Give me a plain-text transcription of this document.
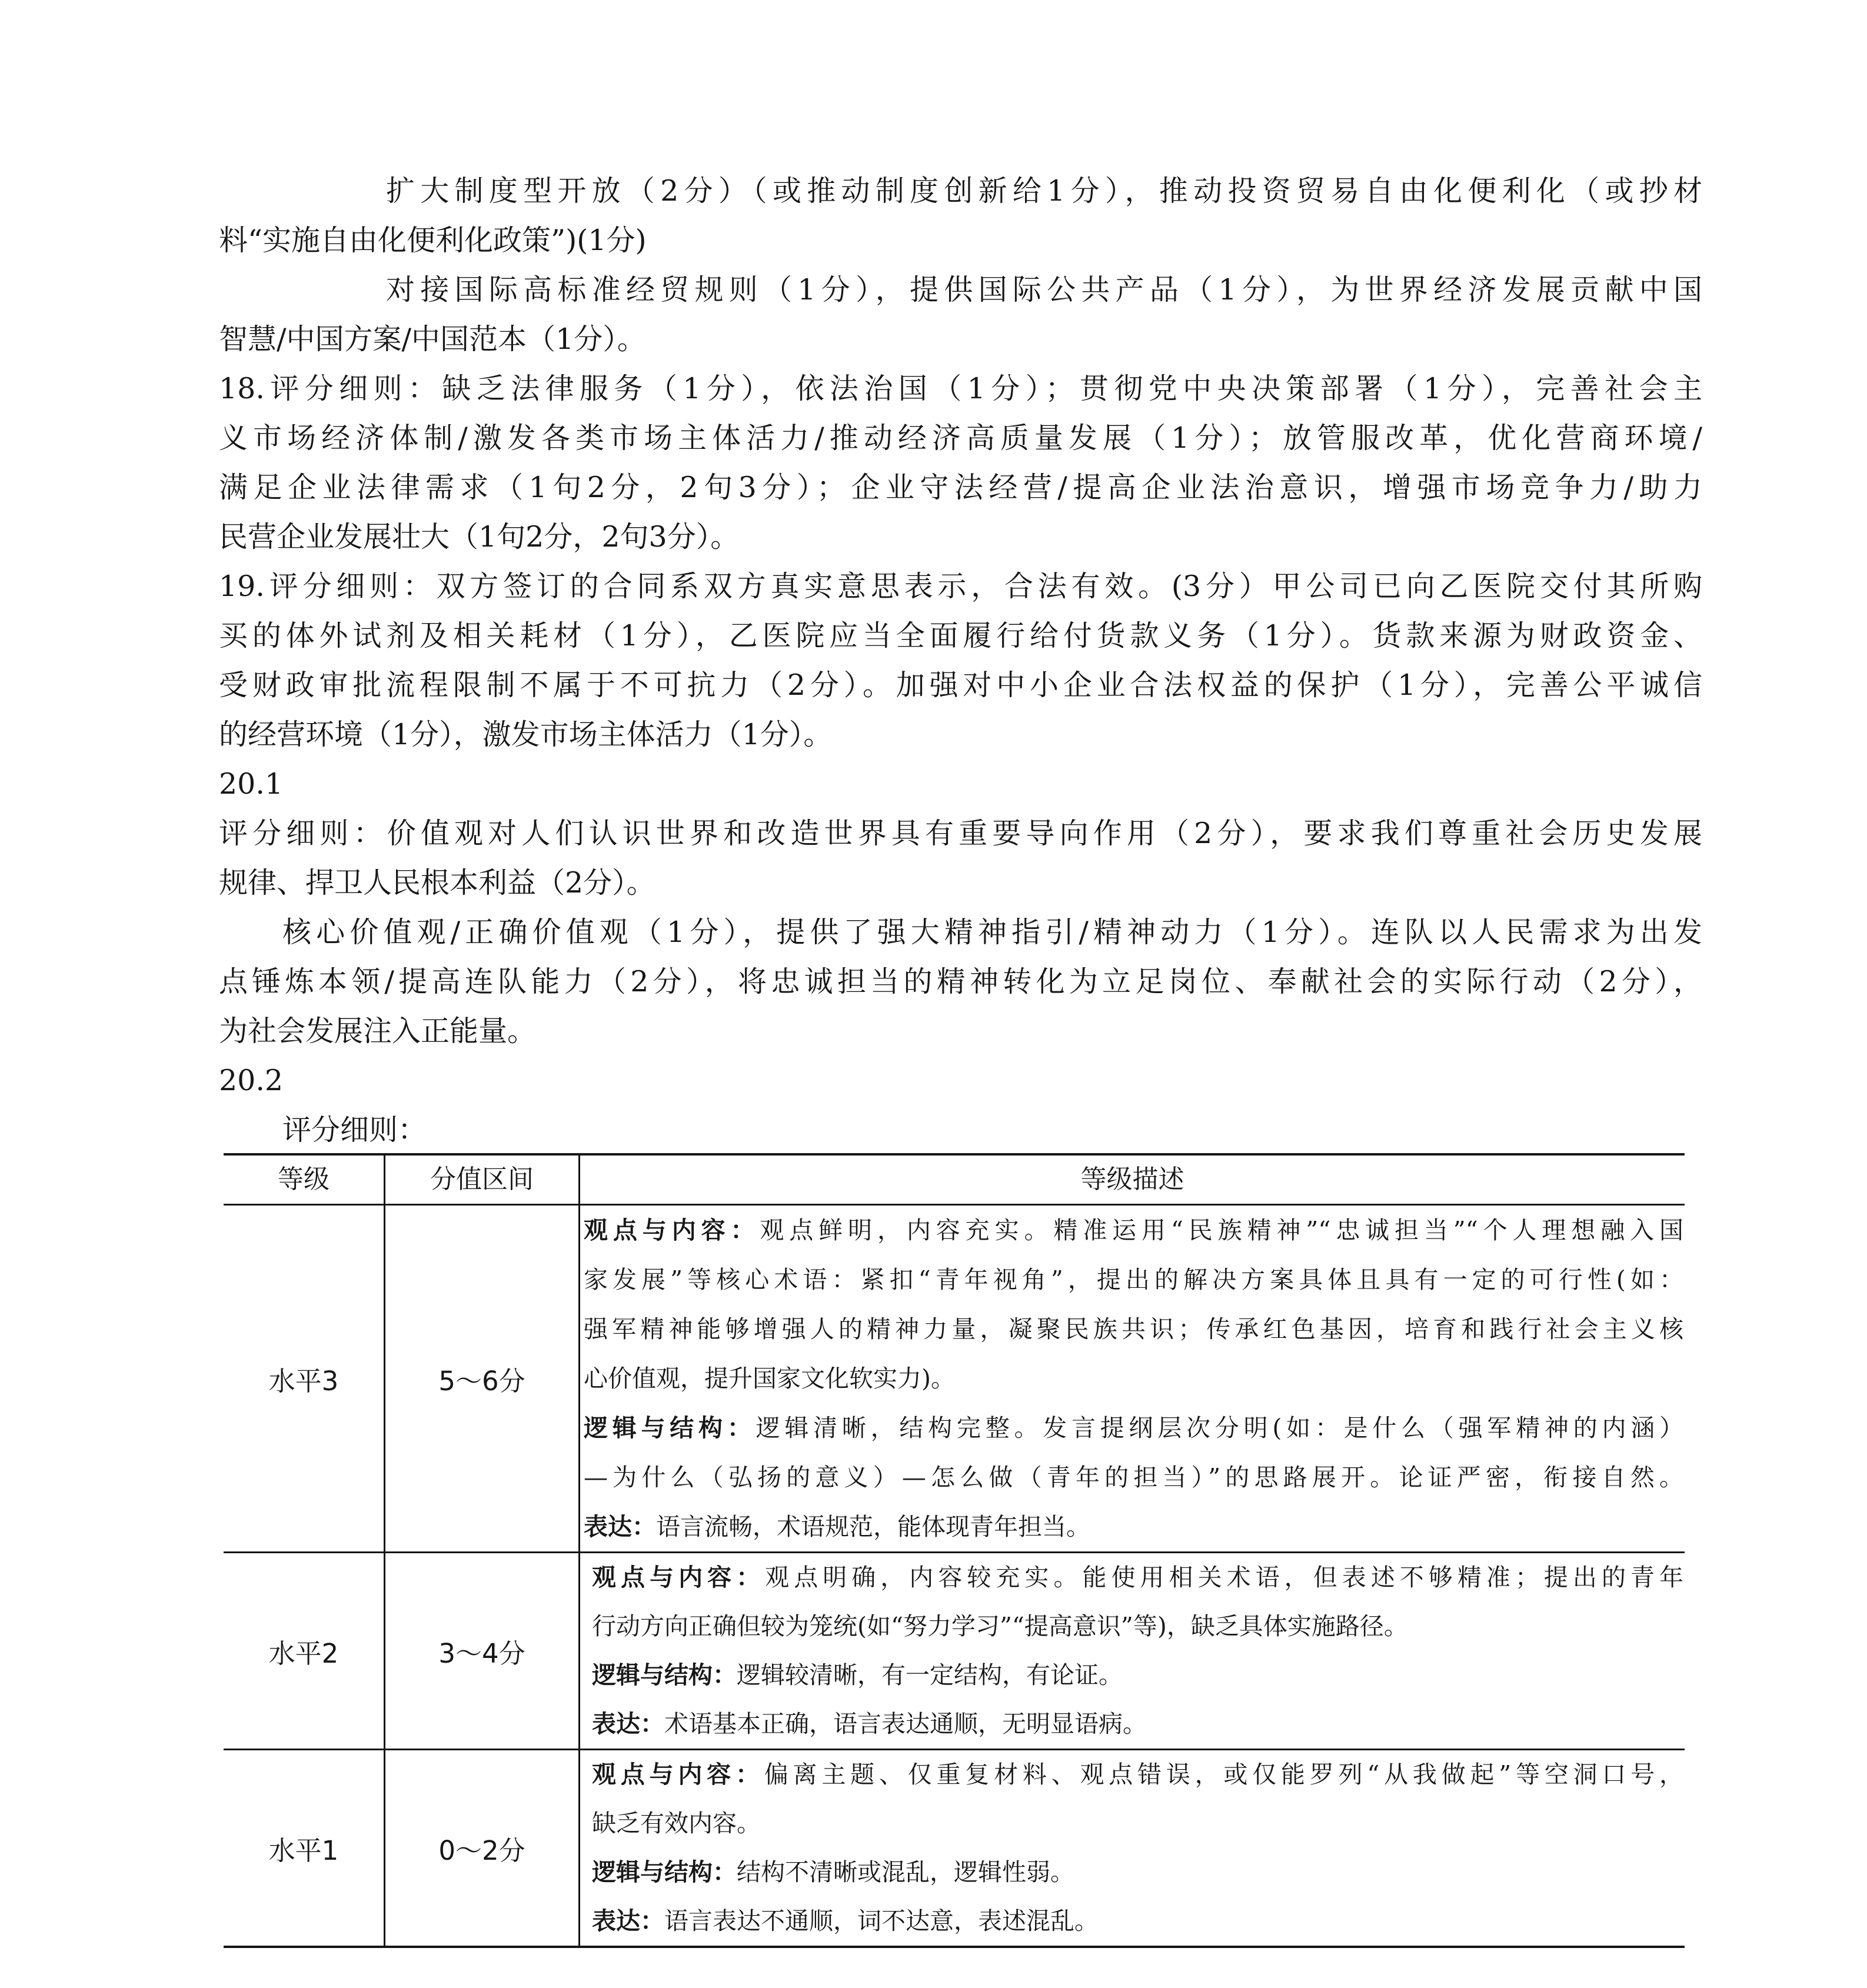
扩大制度型开放（2分）（或推动制度创新给1分），推动投资贸易自由化便利化（或抄材
料“实施自由化便利化政策”)(1分)
对接国际高标准经贸规则（1分），提供国际公共产品（1分），为世界经济发展贡献中国
智慧/中国方案/中国范本（1分）。
18.评分细则：缺乏法律服务（1分），依法治国（1分）；贯彻党中央决策部署（1分），完善社会主
义市场经济体制/激发各类市场主体活力/推动经济高质量发展（1分）；放管服改革，优化营商环境/
满足企业法律需求（1句2分，2句3分）；企业守法经营/提高企业法治意识，增强市场竞争力/助力
民营企业发展壮大（1句2分，2句3分）。
19.评分细则：双方签订的合同系双方真实意思表示，合法有效。(3分）甲公司已向乙医院交付其所购
买的体外试剂及相关耗材（1分），乙医院应当全面履行给付货款义务（1分）。货款来源为财政资金、
受财政审批流程限制不属于不可抗力（2分）。加强对中小企业合法权益的保护（1分），完善公平诚信
的经营环境（1分），激发市场主体活力（1分）。
20.1
评分细则：价值观对人们认识世界和改造世界具有重要导向作用（2分），要求我们尊重社会历史发展
规律、捍卫人民根本利益（2分）。
核心价值观/正确价值观（1分），提供了强大精神指引/精神动力（1分）。连队以人民需求为出发
点锤炼本领/提高连队能力（2分），将忠诚担当的精神转化为立足岗位、奉献社会的实际行动（2分），
为社会发展注入正能量。
20.2
评分细则：
等级	分值区间	等级描述
水平3	5～6分
观点与内容：观点鲜明，内容充实。精准运用“民族精神”“忠诚担当”“个人理想融入国
家发展”等核心术语：紧扣“青年视角”，提出的解决方案具体且具有一定的可行性(如：
强军精神能够增强人的精神力量，凝聚民族共识；传承红色基因，培育和践行社会主义核
心价值观，提升国家文化软实力)。
逻辑与结构：逻辑清晰，结构完整。发言提纲层次分明(如：是什么（强军精神的内涵）
—为什么（弘扬的意义）—怎么做（青年的担当）”的思路展开。论证严密，衔接自然。
表达：语言流畅，术语规范，能体现青年担当。
水平2	3～4分
观点与内容：观点明确，内容较充实。能使用相关术语，但表述不够精准；提出的青年
行动方向正确但较为笼统(如“努力学习”“提高意识”等)，缺乏具体实施路径。
逻辑与结构：逻辑较清晰，有一定结构，有论证。
表达：术语基本正确，语言表达通顺，无明显语病。
水平1	0～2分
观点与内容：偏离主题、仅重复材料、观点错误，或仅能罗列“从我做起”等空洞口号，
缺乏有效内容。
逻辑与结构：结构不清晰或混乱，逻辑性弱。
表达：语言表达不通顺，词不达意，表述混乱。
